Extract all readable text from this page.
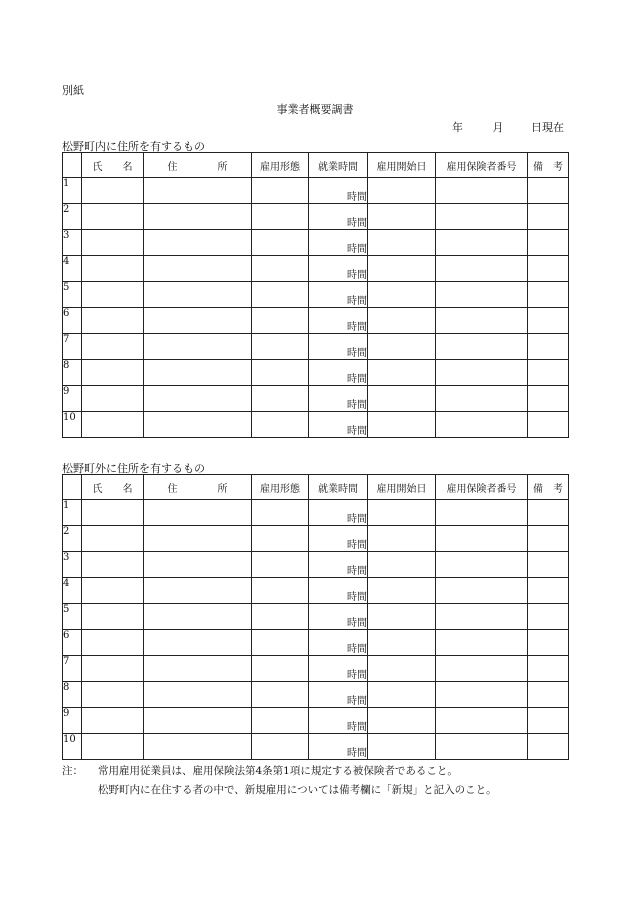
別紙
事業者概要調書
年	月	日現在
松野町内に住所を有するもの
	氏　　名	住　　　　所	雇用形態	就業時間	雇用開始日	雇用保険者番号	備　考
1				時間			
2				時間			
3				時間			
4				時間			
5				時間			
6				時間			
7				時間			
8				時間			
9				時間			
10				時間			
松野町外に住所を有するもの
	氏　　名	住　　　　所	雇用形態	就業時間	雇用開始日	雇用保険者番号	備　考
1				時間			
2				時間			
3				時間			
4				時間			
5				時間			
6				時間			
7				時間			
8				時間			
9				時間			
10				時間			
注：	常用雇用従業員は、雇用保険法第4条第1項に規定する被保険者であること。
松野町内に在住する者の中で、新規雇用については備考欄に「新規」と記入のこと。
